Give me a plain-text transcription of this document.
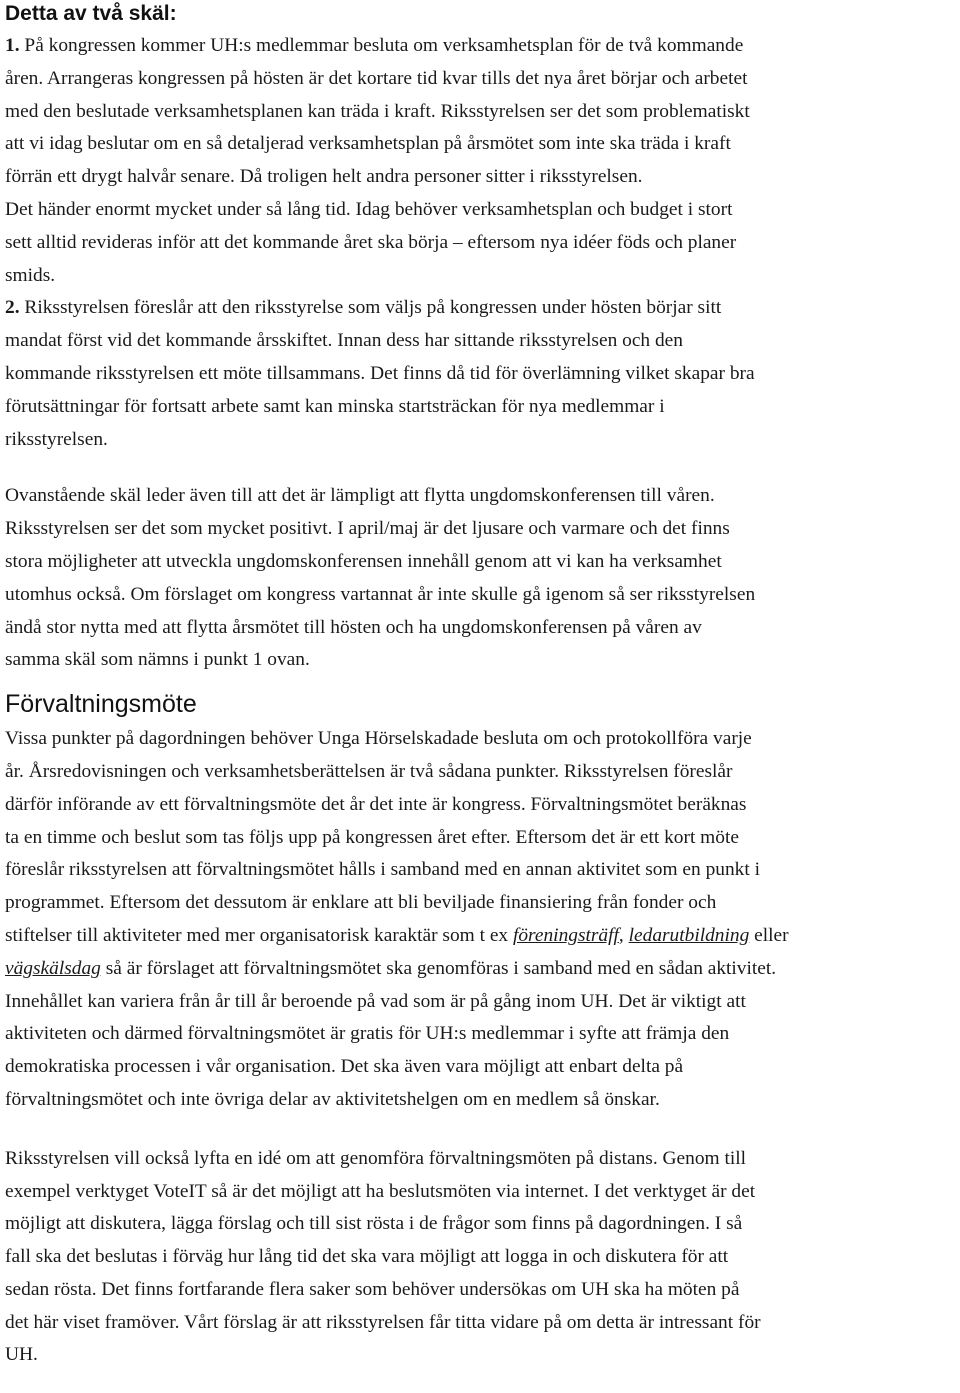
Detta av två skäl:
1. På kongressen kommer UH:s medlemmar besluta om verksamhetsplan för de två kommande
åren. Arrangeras kongressen på hösten är det kortare tid kvar tills det nya året börjar och arbetet
med den beslutade verksamhetsplanen kan träda i kraft. Riksstyrelsen ser det som problematiskt
att vi idag beslutar om en så detaljerad verksamhetsplan på årsmötet som inte ska träda i kraft
förrän ett drygt halvår senare. Då troligen helt andra personer sitter i riksstyrelsen.
Det händer enormt mycket under så lång tid. Idag behöver verksamhetsplan och budget i stort
sett alltid revideras inför att det kommande året ska börja – eftersom nya idéer föds och planer
smids.
2. Riksstyrelsen föreslår att den riksstyrelse som väljs på kongressen under hösten börjar sitt
mandat först vid det kommande årsskiftet. Innan dess har sittande riksstyrelsen och den
kommande riksstyrelsen ett möte tillsammans. Det finns då tid för överlämning vilket skapar bra
förutsättningar för fortsatt arbete samt kan minska startsträckan för nya medlemmar i
riksstyrelsen.
Ovanstående skäl leder även till att det är lämpligt att flytta ungdomskonferensen till våren.
Riksstyrelsen ser det som mycket positivt. I april/maj är det ljusare och varmare och det finns
stora möjligheter att utveckla ungdomskonferensen innehåll genom att vi kan ha verksamhet
utomhus också. Om förslaget om kongress vartannat år inte skulle gå igenom så ser riksstyrelsen
ändå stor nytta med att flytta årsmötet till hösten och ha ungdomskonferensen på våren av
samma skäl som nämns i punkt 1 ovan.
Förvaltningsmöte
Vissa punkter på dagordningen behöver Unga Hörselskadade besluta om och protokollföra varje
år. Årsredovisningen och verksamhetsberättelsen är två sådana punkter. Riksstyrelsen föreslår
därför införande av ett förvaltningsmöte det år det inte är kongress. Förvaltningsmötet beräknas
ta en timme och beslut som tas följs upp på kongressen året efter. Eftersom det är ett kort möte
föreslår riksstyrelsen att förvaltningsmötet hålls i samband med en annan aktivitet som en punkt i
programmet. Eftersom det dessutom är enklare att bli beviljade finansiering från fonder och
stiftelser till aktiviteter med mer organisatorisk karaktär som t ex föreningsträff, ledarutbildning eller
vägskälsdag så är förslaget att förvaltningsmötet ska genomföras i samband med en sådan aktivitet.
Innehållet kan variera från år till år beroende på vad som är på gång inom UH. Det är viktigt att
aktiviteten och därmed förvaltningsmötet är gratis för UH:s medlemmar i syfte att främja den
demokratiska processen i vår organisation. Det ska även vara möjligt att enbart delta på
förvaltningsmötet och inte övriga delar av aktivitetshelgen om en medlem så önskar.
Riksstyrelsen vill också lyfta en idé om att genomföra förvaltningsmöten på distans. Genom till
exempel verktyget VoteIT så är det möjligt att ha beslutsmöten via internet. I det verktyget är det
möjligt att diskutera, lägga förslag och till sist rösta i de frågor som finns på dagordningen. I så
fall ska det beslutas i förväg hur lång tid det ska vara möjligt att logga in och diskutera för att
sedan rösta. Det finns fortfarande flera saker som behöver undersökas om UH ska ha möten på
det här viset framöver. Vårt förslag är att riksstyrelsen får titta vidare på om detta är intressant för
UH.
